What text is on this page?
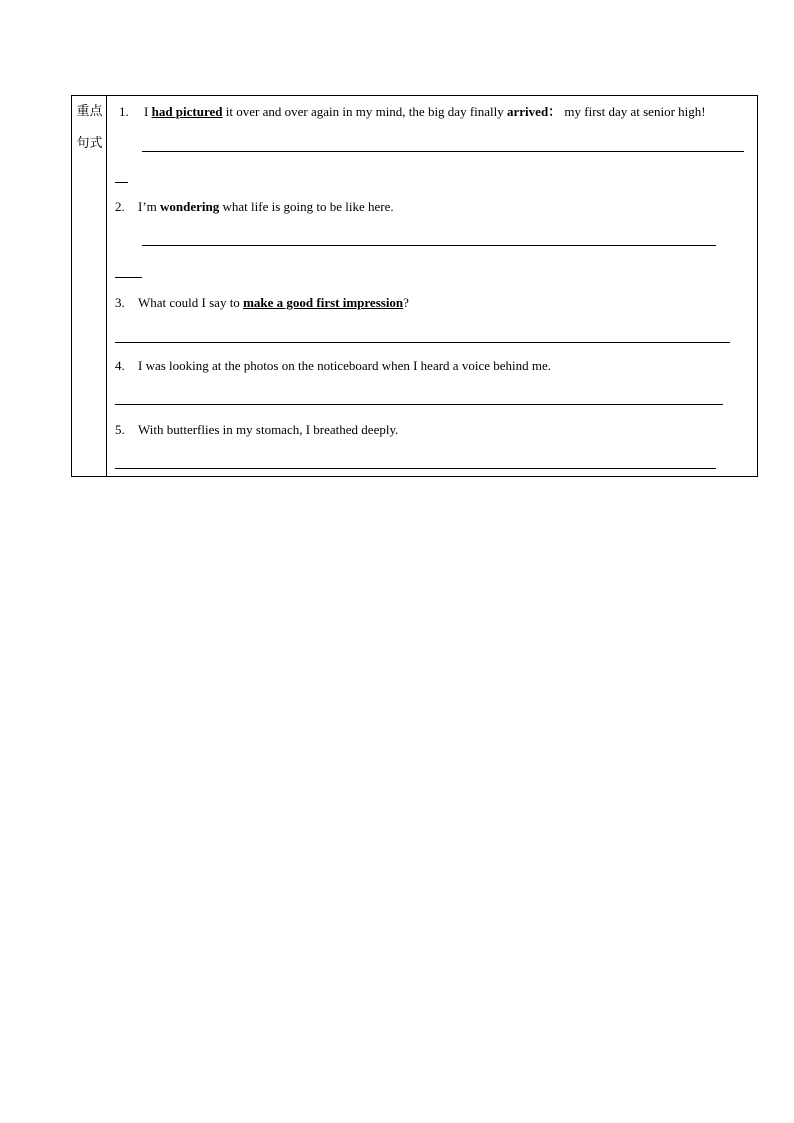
重点
句式
1. I had pictured it over and over again in my mind, the big day finally arrived： my first day at senior high!
2. I’m wondering what life is going to be like here.
3. What could I say to make a good first impression?
4. I was looking at the photos on the noticeboard when I heard a voice behind me.
5. With butterflies in my stomach, I breathed deeply.
